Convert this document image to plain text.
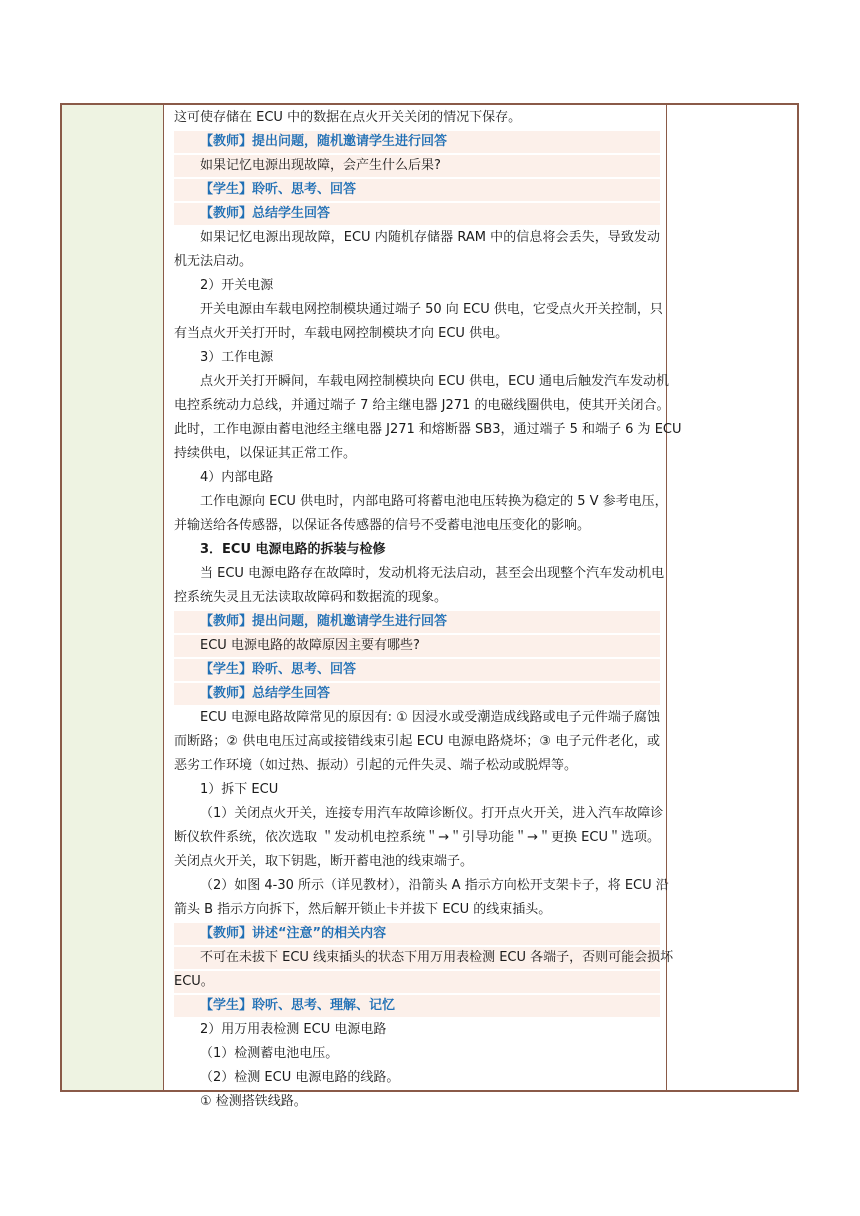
这可使存储在 ECU 中的数据在点火开关关闭的情况下保存。
【教师】提出问题，随机邀请学生进行回答
如果记忆电源出现故障，会产生什么后果?
【学生】聆听、思考、回答
【教师】总结学生回答
如果记忆电源出现故障，ECU 内随机存储器 RAM 中的信息将会丢失，导致发动
机无法启动。
2）开关电源
开关电源由车载电网控制模块通过端子 50 向 ECU 供电，它受点火开关控制，只
有当点火开关打开时，车载电网控制模块才向 ECU 供电。
3）工作电源
点火开关打开瞬间，车载电网控制模块向 ECU 供电，ECU 通电后触发汽车发动机
电控系统动力总线，并通过端子 7 给主继电器 J271 的电磁线圈供电，使其开关闭合。
此时，工作电源由蓄电池经主继电器 J271 和熔断器 SB3，通过端子 5 和端子 6 为 ECU
持续供电，以保证其正常工作。
4）内部电路
工作电源向 ECU 供电时，内部电路可将蓄电池电压转换为稳定的 5 V 参考电压，
并输送给各传感器，以保证各传感器的信号不受蓄电池电压变化的影响。
3．ECU 电源电路的拆装与检修
当 ECU 电源电路存在故障时，发动机将无法启动，甚至会出现整个汽车发动机电
控系统失灵且无法读取故障码和数据流的现象。
【教师】提出问题，随机邀请学生进行回答
ECU 电源电路的故障原因主要有哪些?
【学生】聆听、思考、回答
【教师】总结学生回答
ECU 电源电路故障常见的原因有: ① 因浸水或受潮造成线路或电子元件端子腐蚀
而断路；② 供电电压过高或接错线束引起 ECU 电源电路烧坏；③ 电子元件老化，或
恶劣工作环境（如过热、振动）引起的元件失灵、端子松动或脱焊等。
1）拆下 ECU
（1）关闭点火开关，连接专用汽车故障诊断仪。打开点火开关，进入汽车故障诊
断仪软件系统，依次选取 ＂发动机电控系统＂→＂引导功能＂→＂更换 ECU＂选项。
关闭点火开关，取下钥匙，断开蓄电池的线束端子。
（2）如图 4-30 所示（详见教材），沿箭头 A 指示方向松开支架卡子，将 ECU 沿
箭头 B 指示方向拆下，然后解开锁止卡并拔下 ECU 的线束插头。
【教师】讲述“注意”的相关内容
不可在未拔下 ECU 线束插头的状态下用万用表检测 ECU 各端子，否则可能会损坏
ECU。
【学生】聆听、思考、理解、记忆
2）用万用表检测 ECU 电源电路
（1）检测蓄电池电压。
（2）检测 ECU 电源电路的线路。
① 检测搭铁线路。
